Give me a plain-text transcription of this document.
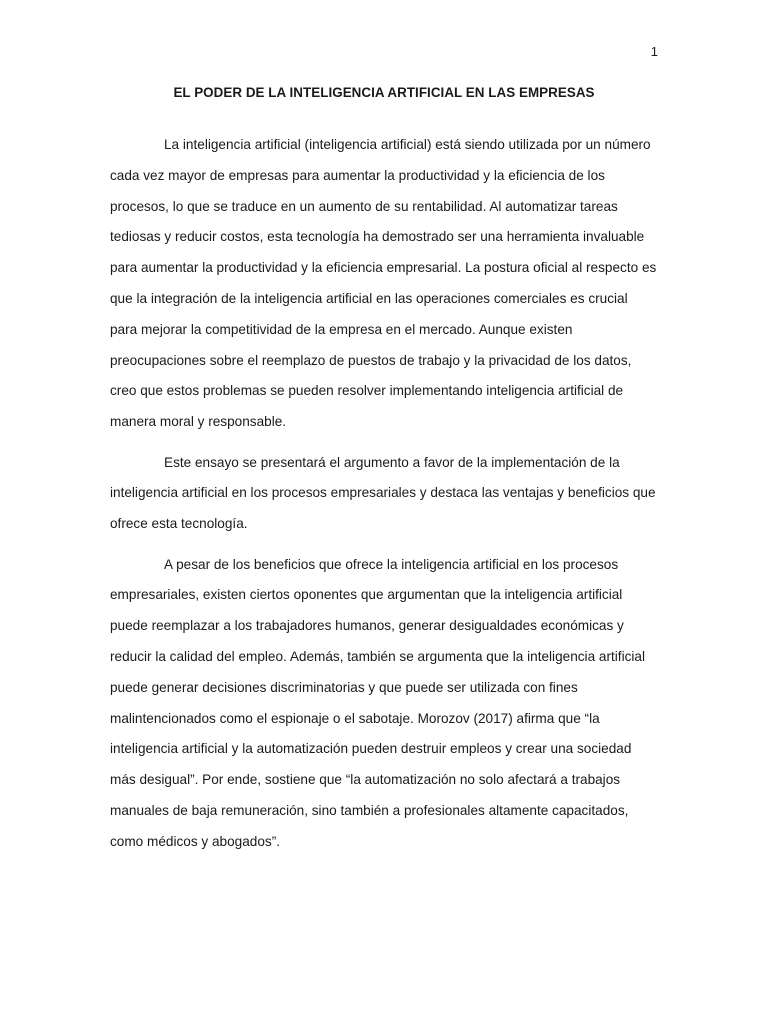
1
EL PODER DE LA INTELIGENCIA ARTIFICIAL EN LAS EMPRESAS

La inteligencia artificial (inteligencia artificial) está siendo utilizada por un número cada vez mayor de empresas para aumentar la productividad y la eficiencia de los procesos, lo que se traduce en un aumento de su rentabilidad. Al automatizar tareas tediosas y reducir costos, esta tecnología ha demostrado ser una herramienta invaluable para aumentar la productividad y la eficiencia empresarial. La postura oficial al respecto es que la integración de la inteligencia artificial en las operaciones comerciales es crucial para mejorar la competitividad de la empresa en el mercado. Aunque existen preocupaciones sobre el reemplazo de puestos de trabajo y la privacidad de los datos, creo que estos problemas se pueden resolver implementando inteligencia artificial de manera moral y responsable.

Este ensayo se presentará el argumento a favor de la implementación de la inteligencia artificial en los procesos empresariales y destaca las ventajas y beneficios que ofrece esta tecnología.

A pesar de los beneficios que ofrece la inteligencia artificial en los procesos empresariales, existen ciertos oponentes que argumentan que la inteligencia artificial puede reemplazar a los trabajadores humanos, generar desigualdades económicas y reducir la calidad del empleo. Además, también se argumenta que la inteligencia artificial puede generar decisiones discriminatorias y que puede ser utilizada con fines malintencionados como el espionaje o el sabotaje. Morozov (2017) afirma que “la inteligencia artificial y la automatización pueden destruir empleos y crear una sociedad más desigual”. Por ende, sostiene que “la automatización no solo afectará a trabajos manuales de baja remuneración, sino también a profesionales altamente capacitados, como médicos y abogados”.
